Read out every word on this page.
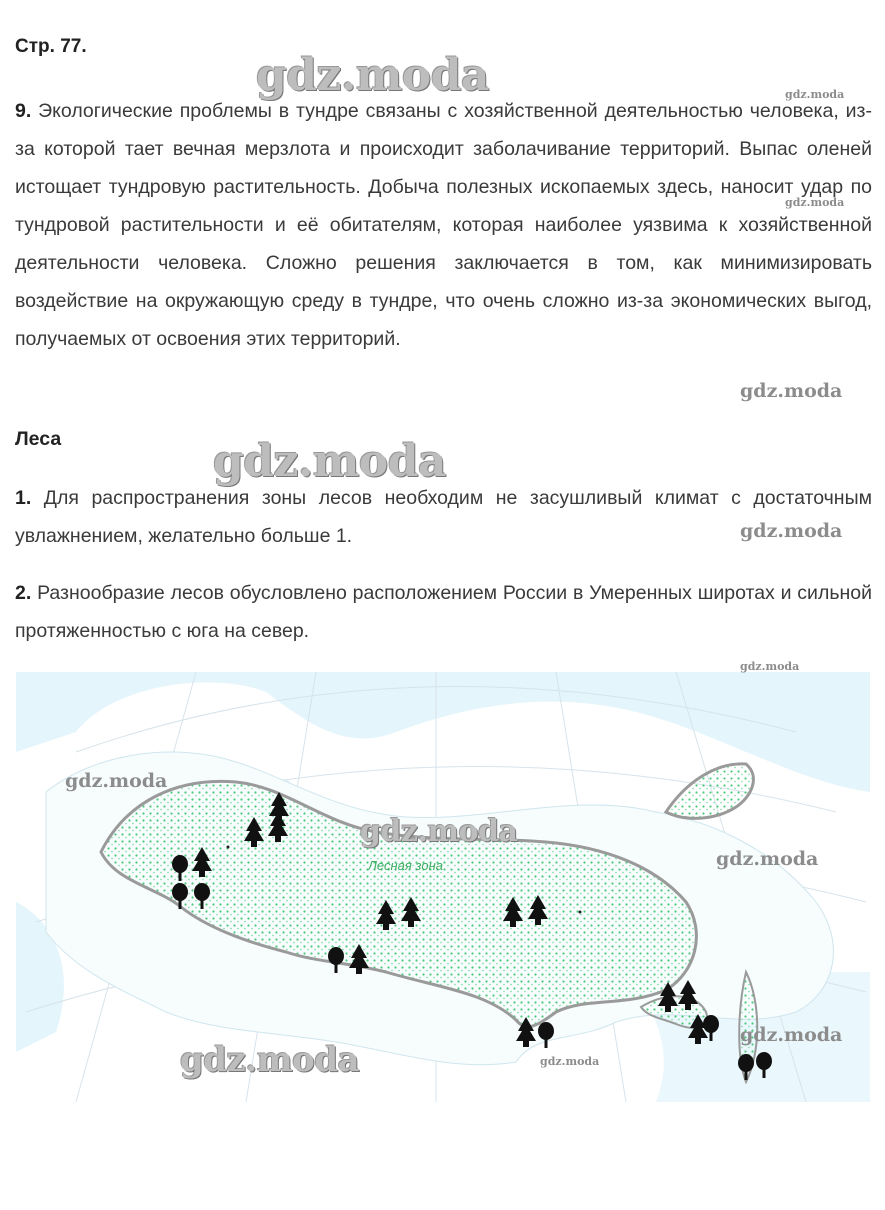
Стр. 77.

9. Экологические проблемы в тундре связаны с хозяйственной деятельностью человека, из-за которой тает вечная мерзлота и происходит заболачивание территорий. Выпас оленей истощает тундровую растительность. Добыча полезных ископаемых здесь, наносит удар по тундровой растительности и её обитателям, которая наиболее уязвима к хозяйственной деятельности человека. Сложно решения заключается в том, как минимизировать воздействие на окружающую среду в тундре, что очень сложно из-за экономических выгод, получаемых от освоения этих территорий.

Леса

1. Для распространения зоны лесов необходим не засушливый климат с достаточным увлажнением, желательно больше 1.

2. Разнообразие лесов обусловлено расположением России в Умеренных широтах и сильной протяженностью с юга на север.

Лесная зона
gdz.moda	gdz.moda
gdz.moda
gdz.moda
gdz.moda
gdz.moda
gdz.moda
gdz.moda
gdz.moda
gdz.moda
gdz.moda
gdz.moda	gdz.moda
